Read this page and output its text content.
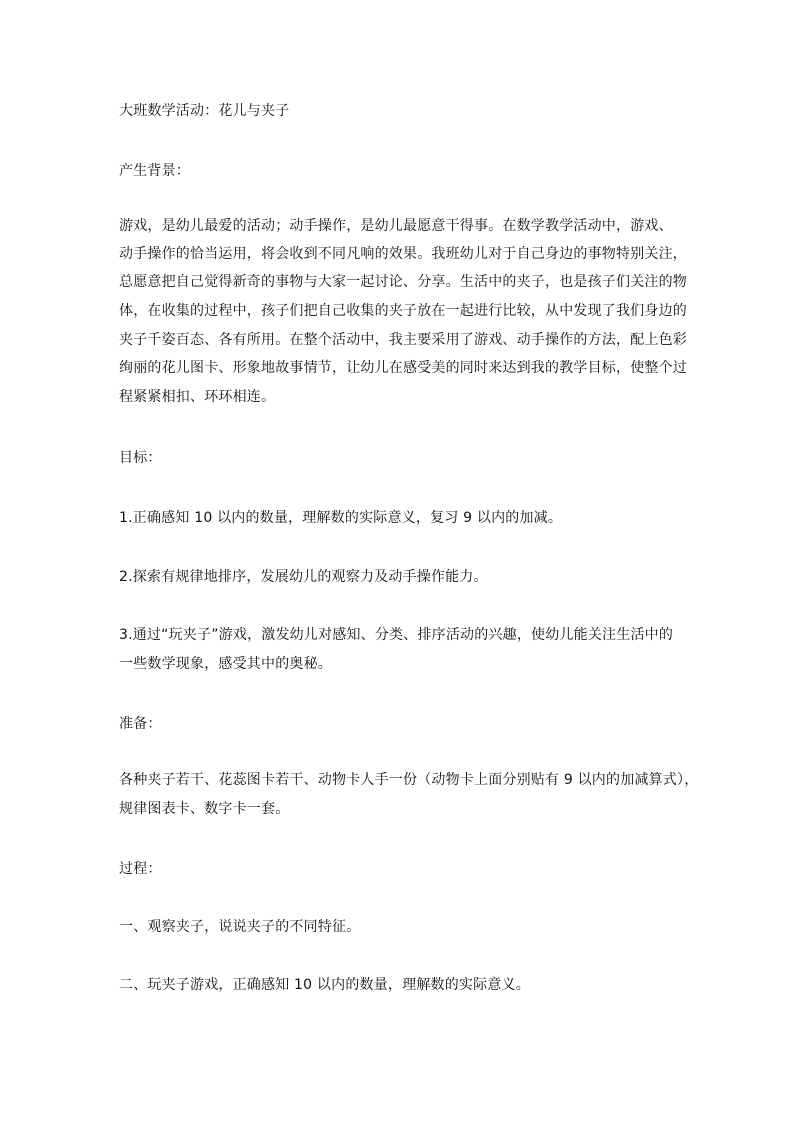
大班数学活动：花儿与夹子
产生背景：
游戏，是幼儿最爱的活动；动手操作，是幼儿最愿意干得事。在数学教学活动中，游戏、
动手操作的恰当运用，将会收到不同凡响的效果。我班幼儿对于自己身边的事物特别关注，
总愿意把自己觉得新奇的事物与大家一起讨论、分享。生活中的夹子，也是孩子们关注的物
体，在收集的过程中，孩子们把自己收集的夹子放在一起进行比较，从中发现了我们身边的
夹子千姿百态、各有所用。在整个活动中，我主要采用了游戏、动手操作的方法，配上色彩
绚丽的花儿图卡、形象地故事情节，让幼儿在感受美的同时来达到我的教学目标，使整个过
程紧紧相扣、环环相连。
目标：
1.正确感知 10 以内的数量，理解数的实际意义，复习 9 以内的加减。
2.探索有规律地排序，发展幼儿的观察力及动手操作能力。
3.通过“玩夹子”游戏，激发幼儿对感知、分类、排序活动的兴趣，使幼儿能关注生活中的
一些数学现象，感受其中的奥秘。
准备：
各种夹子若干、花蕊图卡若干、动物卡人手一份（动物卡上面分别贴有 9 以内的加减算式），
规律图表卡、数字卡一套。
过程：
一、观察夹子，说说夹子的不同特征。
二、玩夹子游戏，正确感知 10 以内的数量，理解数的实际意义。
